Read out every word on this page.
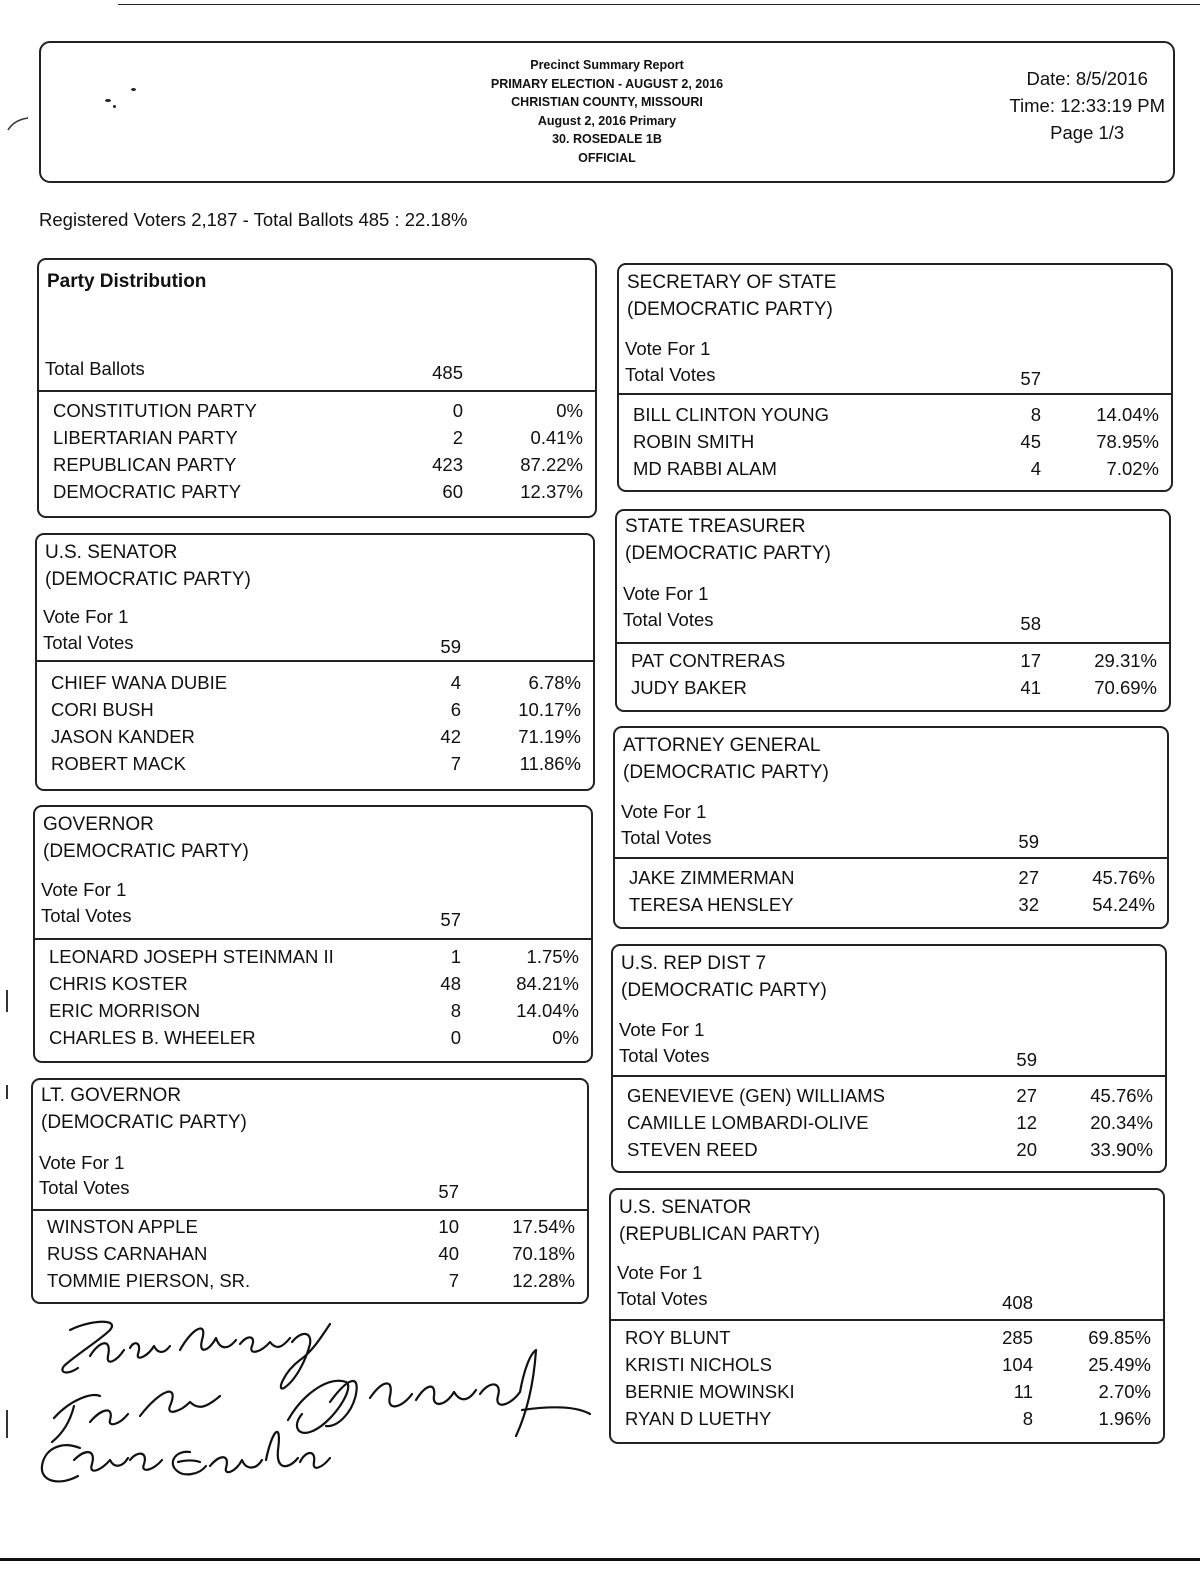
Precinct Summary Report
PRIMARY ELECTION - AUGUST 2, 2016
CHRISTIAN COUNTY, MISSOURI
August 2, 2016 Primary
30. ROSEDALE 1B
OFFICIAL
Date: 8/5/2016
Time: 12:33:19 PM
Page 1/3
Registered Voters 2,187 - Total Ballots 485 : 22.18%
Party Distribution
Total Ballots	485
CONSTITUTION PARTY	0	0%
LIBERTARIAN PARTY	2	0.41%
REPUBLICAN PARTY	423	87.22%
DEMOCRATIC PARTY	60	12.37%
U.S. SENATOR
(DEMOCRATIC PARTY)
Vote For 1
Total Votes	59
CHIEF WANA DUBIE	4	6.78%
CORI BUSH	6	10.17%
JASON KANDER	42	71.19%
ROBERT MACK	7	11.86%
GOVERNOR
(DEMOCRATIC PARTY)
Vote For 1
Total Votes	57
LEONARD JOSEPH STEINMAN II	1	1.75%
CHRIS KOSTER	48	84.21%
ERIC MORRISON	8	14.04%
CHARLES B. WHEELER	0	0%
LT. GOVERNOR
(DEMOCRATIC PARTY)
Vote For 1
Total Votes	57
WINSTON APPLE	10	17.54%
RUSS CARNAHAN	40	70.18%
TOMMIE PIERSON, SR.	7	12.28%
SECRETARY OF STATE
(DEMOCRATIC PARTY)
Vote For 1
Total Votes	57
BILL CLINTON YOUNG	8	14.04%
ROBIN SMITH	45	78.95%
MD RABBI ALAM	4	7.02%
STATE TREASURER
(DEMOCRATIC PARTY)
Vote For 1
Total Votes	58
PAT CONTRERAS	17	29.31%
JUDY BAKER	41	70.69%
ATTORNEY GENERAL
(DEMOCRATIC PARTY)
Vote For 1
Total Votes	59
JAKE ZIMMERMAN	27	45.76%
TERESA HENSLEY	32	54.24%
U.S. REP DIST 7
(DEMOCRATIC PARTY)
Vote For 1
Total Votes	59
GENEVIEVE (GEN) WILLIAMS	27	45.76%
CAMILLE LOMBARDI-OLIVE	12	20.34%
STEVEN REED	20	33.90%
U.S. SENATOR
(REPUBLICAN PARTY)
Vote For 1
Total Votes	408
ROY BLUNT	285	69.85%
KRISTI NICHOLS	104	25.49%
BERNIE MOWINSKI	11	2.70%
RYAN D LUETHY	8	1.96%
